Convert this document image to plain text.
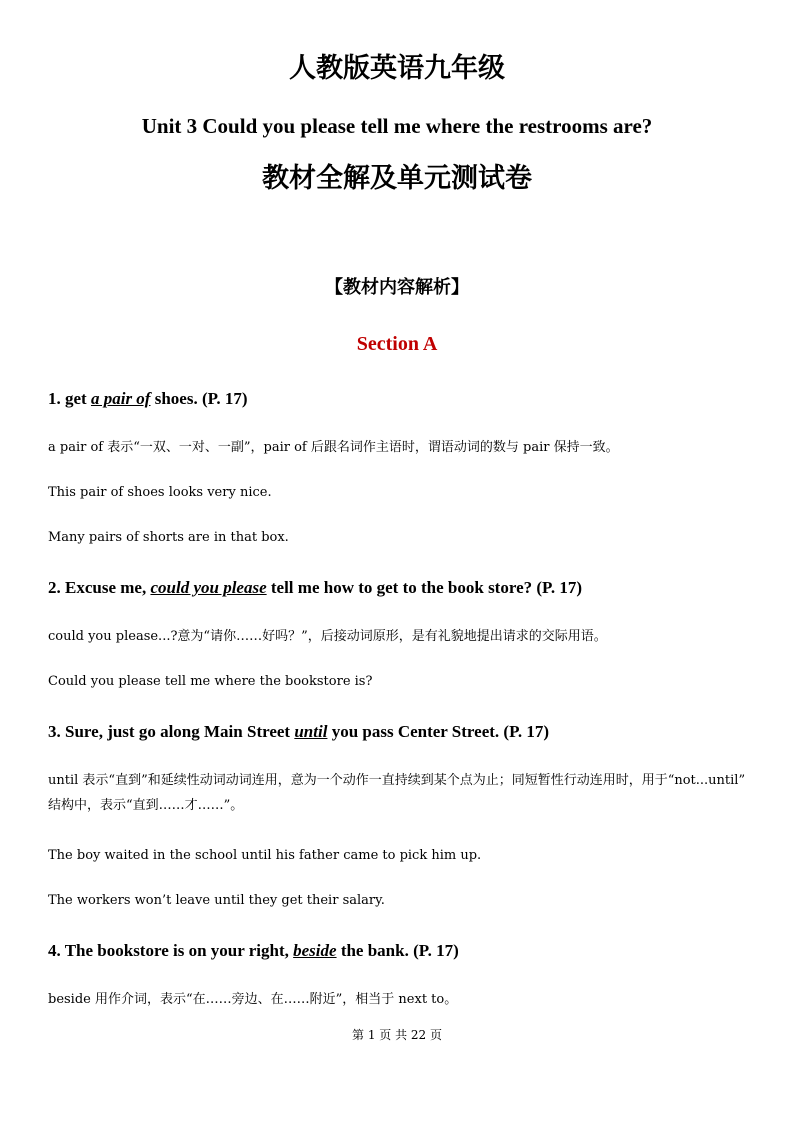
人教版英语九年级
Unit 3 Could you please tell me where the restrooms are?
教材全解及单元测试卷
【教材内容解析】
Section A
1. get a pair of shoes. (P. 17)
a pair of 表示“一双、一对、一副”，pair of 后跟名词作主语时，谓语动词的数与 pair 保持一致。
This pair of shoes looks very nice.
Many pairs of shorts are in that box.
2. Excuse me, could you please tell me how to get to the book store? (P. 17)
could you please...?意为“请你……好吗？”，后接动词原形，是有礼貌地提出请求的交际用语。
Could you please tell me where the bookstore is?
3. Sure, just go along Main Street until you pass Center Street. (P. 17)
until 表示“直到”和延续性动词动词连用，意为一个动作一直持续到某个点为止；同短暂性行动连用时，用于“not...until” 结构中，表示“直到……才……”。
The boy waited in the school until his father came to pick him up.
The workers won’t leave until they get their salary.
4. The bookstore is on your right, beside the bank. (P. 17)
beside 用作介词，表示“在……旁边、在……附近”，相当于 next to。
第 1 页 共 22 页
